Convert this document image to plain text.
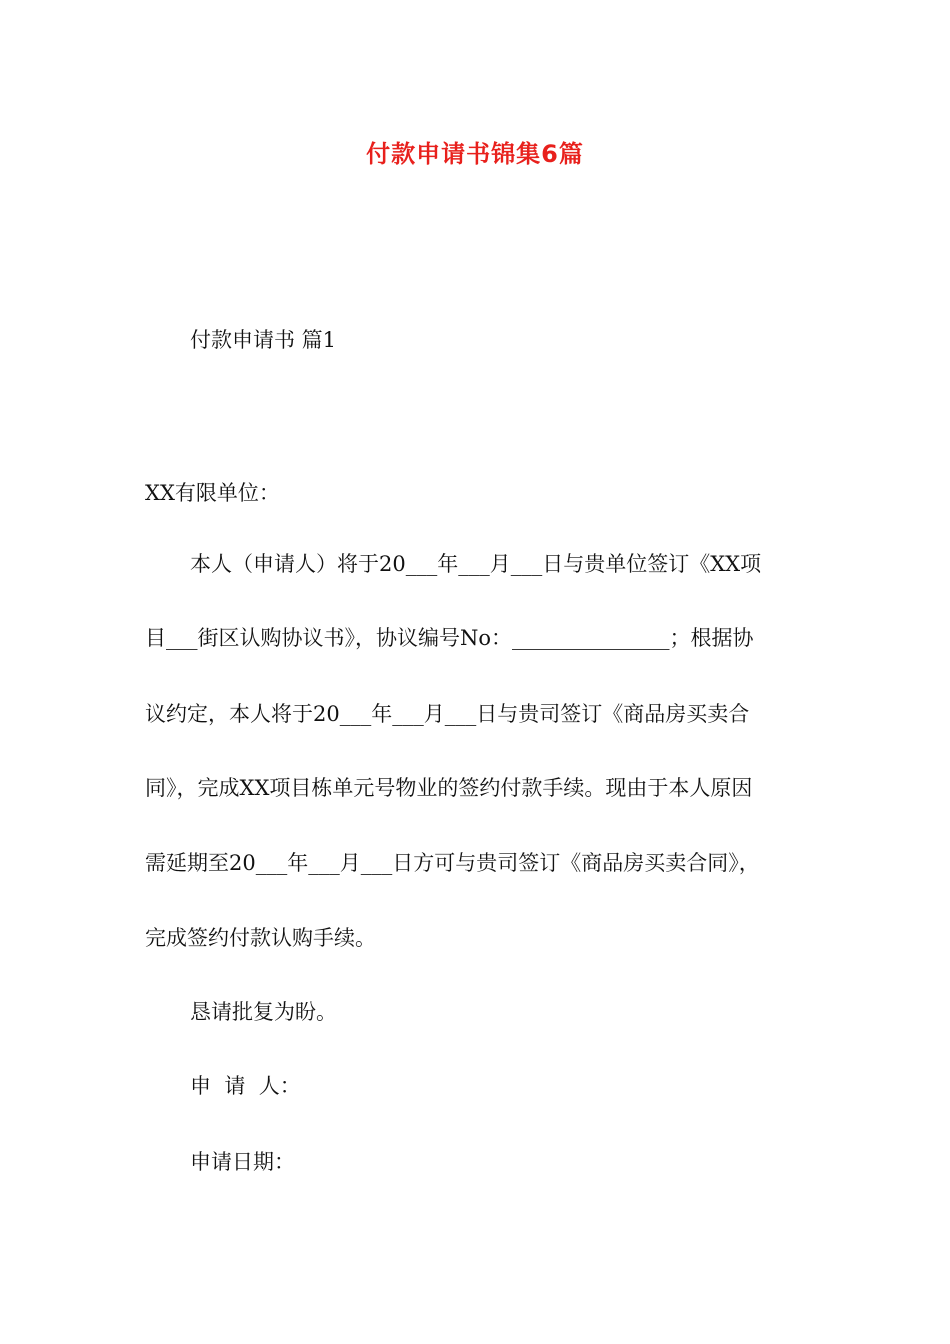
付款申请书锦集6篇
付款申请书 篇1
XX有限单位：
本人（申请人）将于20___年___月___日与贵单位签订《XX项
目___街区认购协议书》，协议编号No：_______________；根据协
议约定，本人将于20___年___月___日与贵司签订《商品房买卖合
同》，完成XX项目栋单元号物业的签约付款手续。现由于本人原因
需延期至20___年___月___日方可与贵司签订《商品房买卖合同》，
完成签约付款认购手续。
恳请批复为盼。
申  请  人：
申请日期：
